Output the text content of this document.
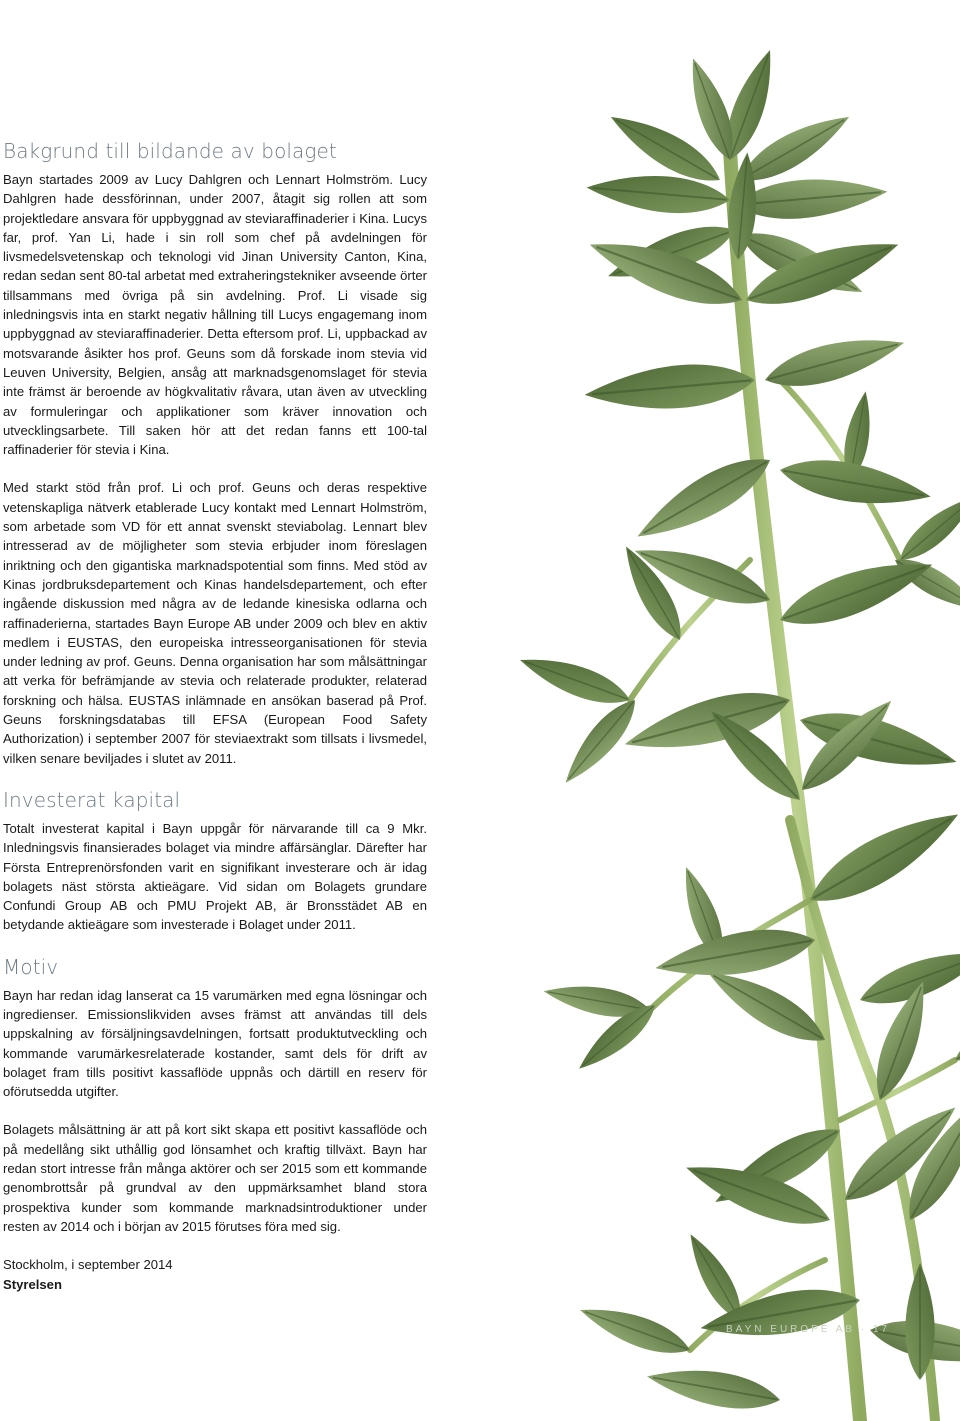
Bakgrund till bildande av bolaget

Bayn startades 2009 av Lucy Dahlgren och Lennart Holmström. Lucy Dahlgren hade dessförinnan, under 2007, åtagit sig rollen att som projektledare ansvara för uppbyggnad av steviaraffinaderier i Kina. Lucys far, prof. Yan Li, hade i sin roll som chef på avdelningen för livsmedelsvetenskap och teknologi vid Jinan University Canton, Kina, redan sedan sent 80-tal arbetat med extraheringstekniker avseende örter tillsammans med övriga på sin avdelning. Prof. Li visade sig inledningsvis inta en starkt negativ hållning till Lucys engagemang inom uppbyggnad av steviaraffinaderier. Detta eftersom prof. Li, uppbackad av motsvarande åsikter hos prof. Geuns som då forskade inom stevia vid Leuven University, Belgien, ansåg att marknadsgenomslaget för stevia inte främst är beroende av högkvalitativ råvara, utan även av utveckling av formuleringar och applikationer som kräver innovation och utvecklingsarbete. Till saken hör att det redan fanns ett 100-tal raffinaderier för stevia i Kina.

Med starkt stöd från prof. Li och prof. Geuns och deras respektive vetenskapliga nätverk etablerade Lucy kontakt med Lennart Holmström, som arbetade som VD för ett annat svenskt steviabolag. Lennart blev intresserad av de möjligheter som stevia erbjuder inom föreslagen inriktning och den gigantiska marknadspotential som finns. Med stöd av Kinas jordbruksdepartement och Kinas handelsdepartement, och efter ingående diskussion med några av de ledande kinesiska odlarna och raffinaderierna, startades Bayn Europe AB under 2009 och blev en aktiv medlem i EUSTAS, den europeiska intresseorganisationen för stevia under ledning av prof. Geuns. Denna organisation har som målsättningar att verka för befrämjande av stevia och relaterade produkter, relaterad forskning och hälsa. EUSTAS inlämnade en ansökan baserad på Prof. Geuns forskningsdatabas till EFSA (European Food Safety Authorization) i september 2007 för steviaextrakt som tillsats i livsmedel, vilken senare beviljades i slutet av 2011.

Investerat kapital

Totalt investerat kapital i Bayn uppgår för närvarande till ca 9 Mkr. Inledningsvis finansierades bolaget via mindre affärsänglar. Därefter har Första Entreprenörsfonden varit en signifikant investerare och är idag bolagets näst största aktieägare. Vid sidan om Bolagets grundare Confundi Group AB och PMU Projekt AB, är Bronsstädet AB en betydande aktieägare som investerade i Bolaget under 2011.

Motiv

Bayn har redan idag lanserat ca 15 varumärken med egna lösningar och ingredienser. Emissionslikviden avses främst att användas till dels uppskalning av försäljningsavdelningen, fortsatt produktutveckling och kommande varumärkesrelaterade kostander, samt dels för drift av bolaget fram tills positivt kassaflöde uppnås och därtill en reserv för oförutsedda utgifter.

Bolagets målsättning är att på kort sikt skapa ett positivt kassaflöde och på medellång sikt uthållig god lönsamhet och kraftig tillväxt. Bayn har redan stort intresse från många aktörer och ser 2015 som ett kommande genombrottsår på grundval av den uppmärksamhet bland stora prospektiva kunder som kommande marknadsintroduktioner under resten av 2014 och i början av 2015 förutses föra med sig.

Stockholm, i september 2014
Styrelsen
BAYN EUROPE AB · 17
